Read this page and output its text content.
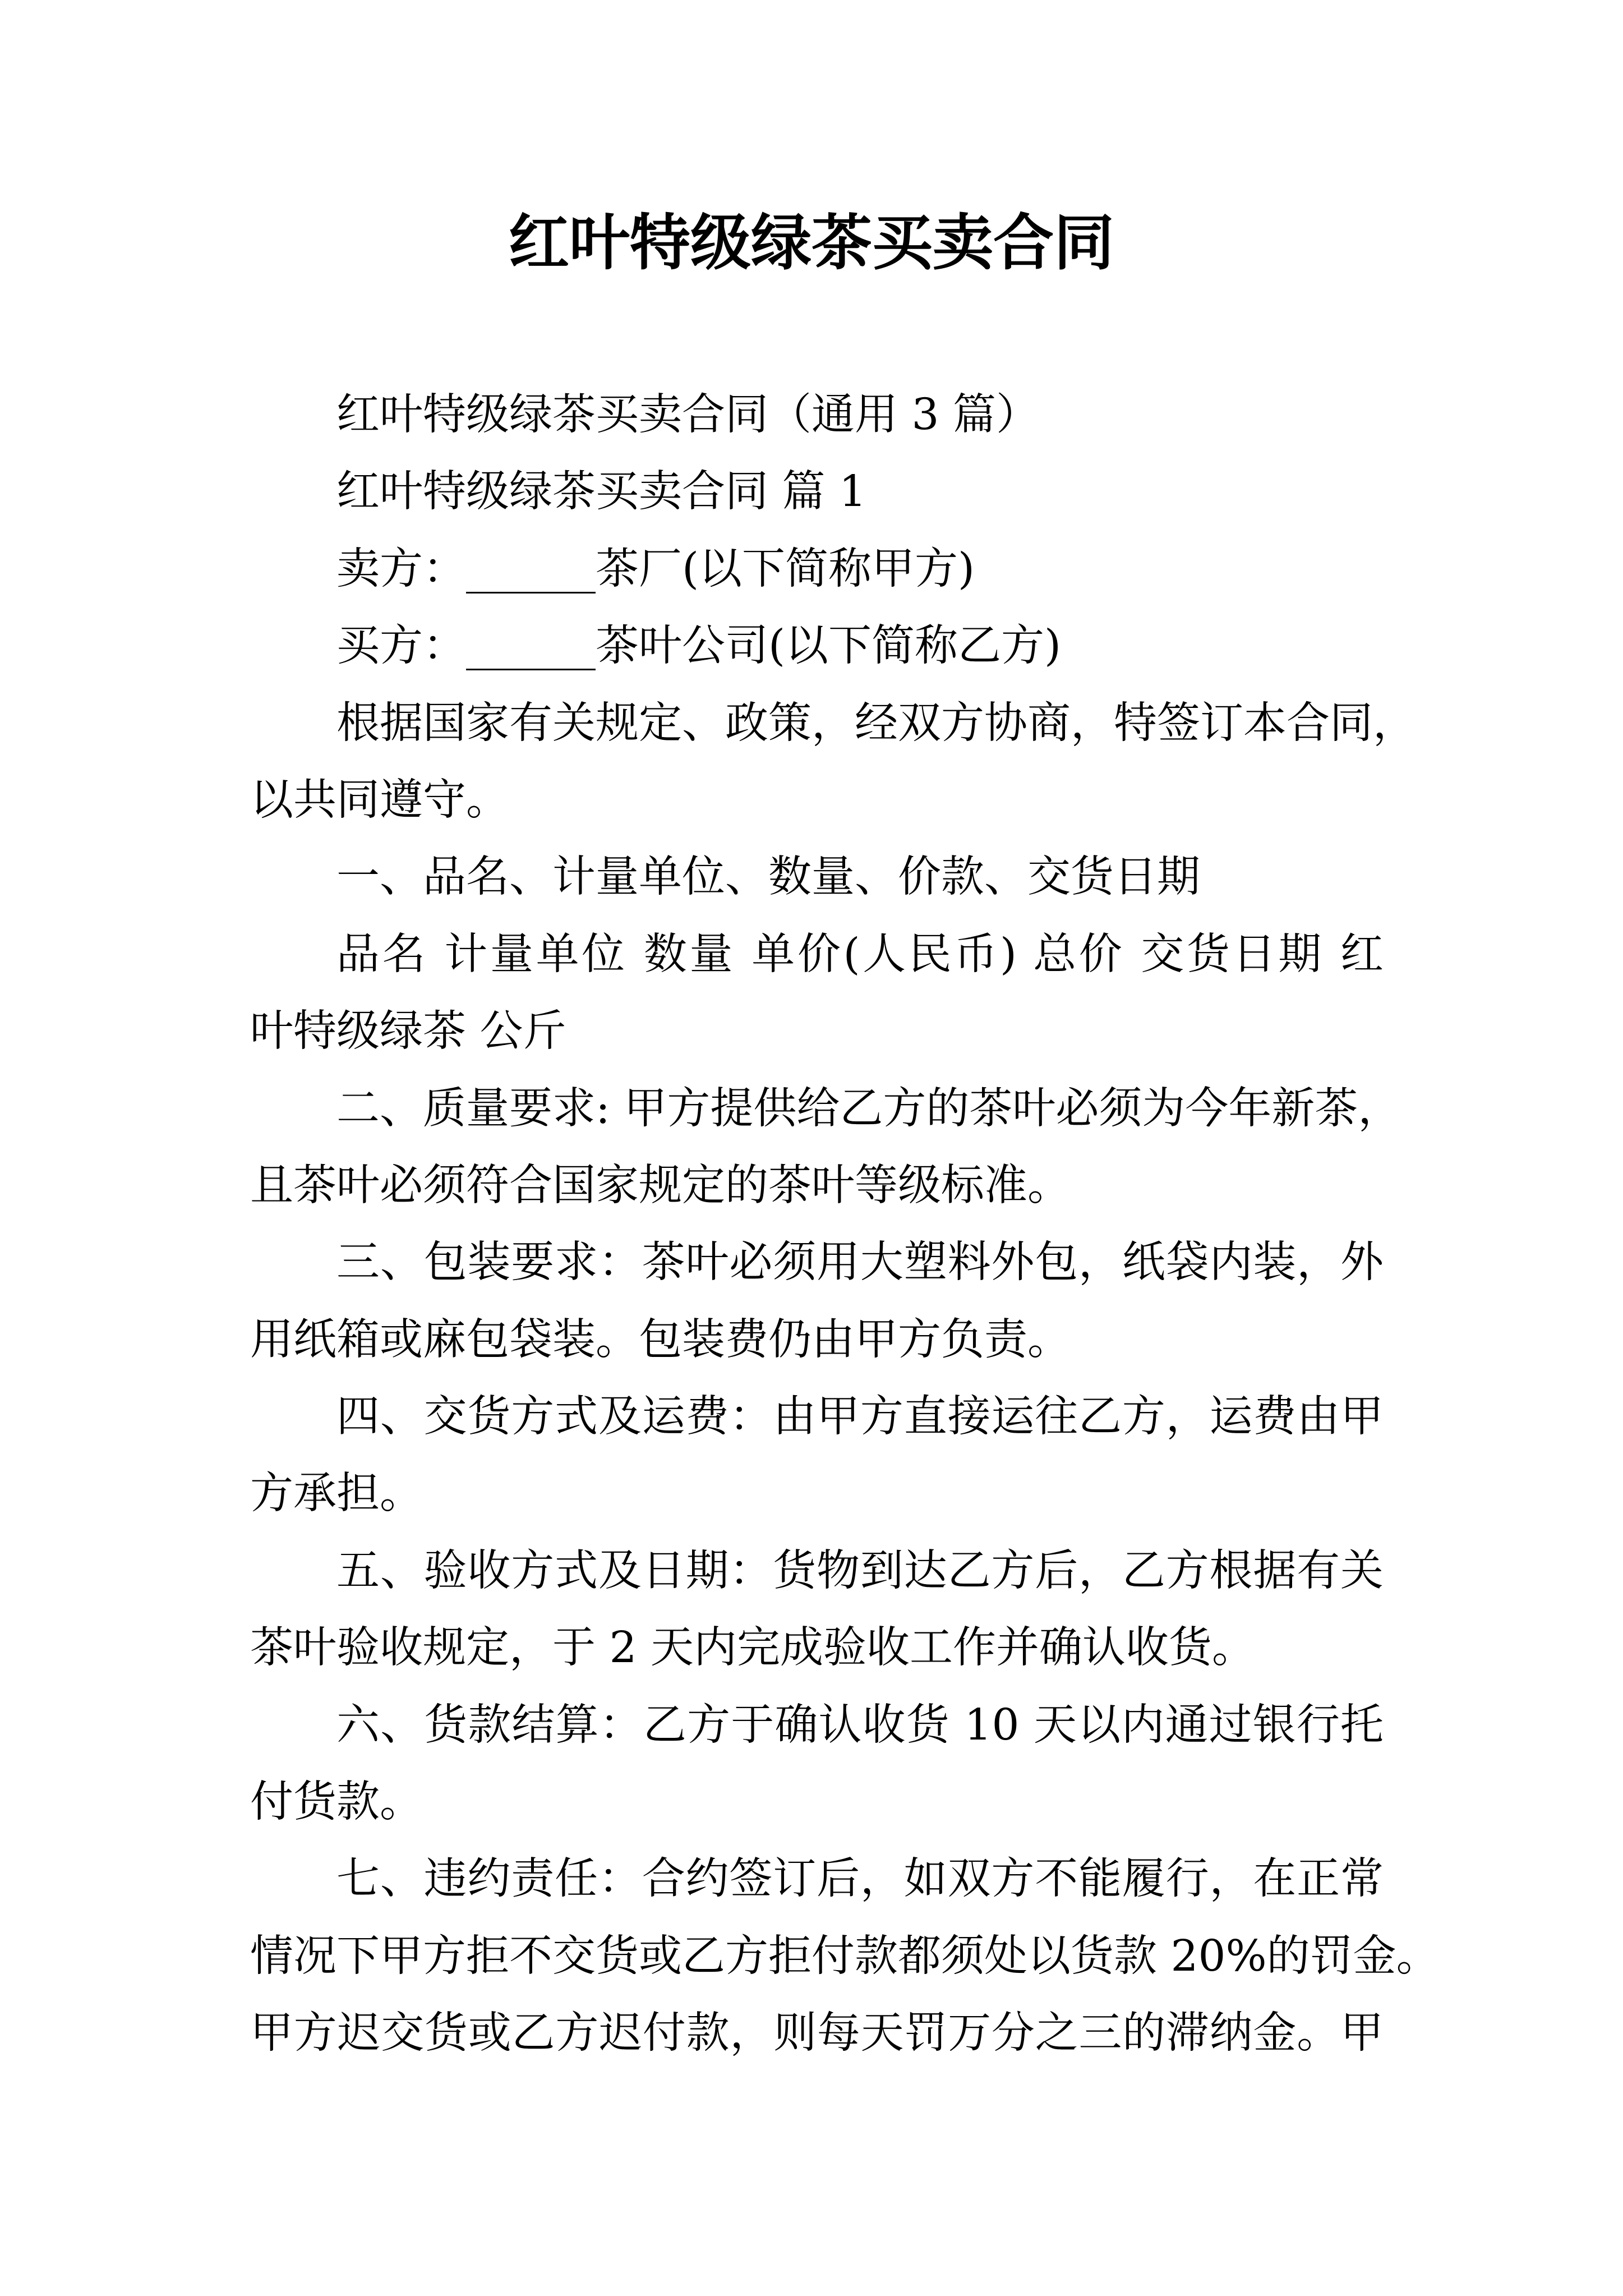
红叶特级绿茶买卖合同
红叶特级绿茶买卖合同（通用 3 篇）
红叶特级绿茶买卖合同 篇 1
卖方：______茶厂(以下简称甲方)
买方：______茶叶公司(以下简称乙方)
根据国家有关规定、政策，经双方协商，特签订本合同，
以共同遵守。
一、品名、计量单位、数量、价款、交货日期
品名 计量单位 数量 单价(人民币) 总价 交货日期 红
叶特级绿茶 公斤
二、质量要求: 甲方提供给乙方的茶叶必须为今年新茶，
且茶叶必须符合国家规定的茶叶等级标准。
三、包装要求：茶叶必须用大塑料外包，纸袋内装，外
用纸箱或麻包袋装。包装费仍由甲方负责。
四、交货方式及运费：由甲方直接运往乙方，运费由甲
方承担。
五、验收方式及日期：货物到达乙方后，乙方根据有关
茶叶验收规定，于 2 天内完成验收工作并确认收货。
六、货款结算：乙方于确认收货 10 天以内通过银行托
付货款。
七、违约责任：合约签订后，如双方不能履行，在正常
情况下甲方拒不交货或乙方拒付款都须处以货款 20%的罚金。
甲方迟交货或乙方迟付款，则每天罚万分之三的滞纳金。甲
